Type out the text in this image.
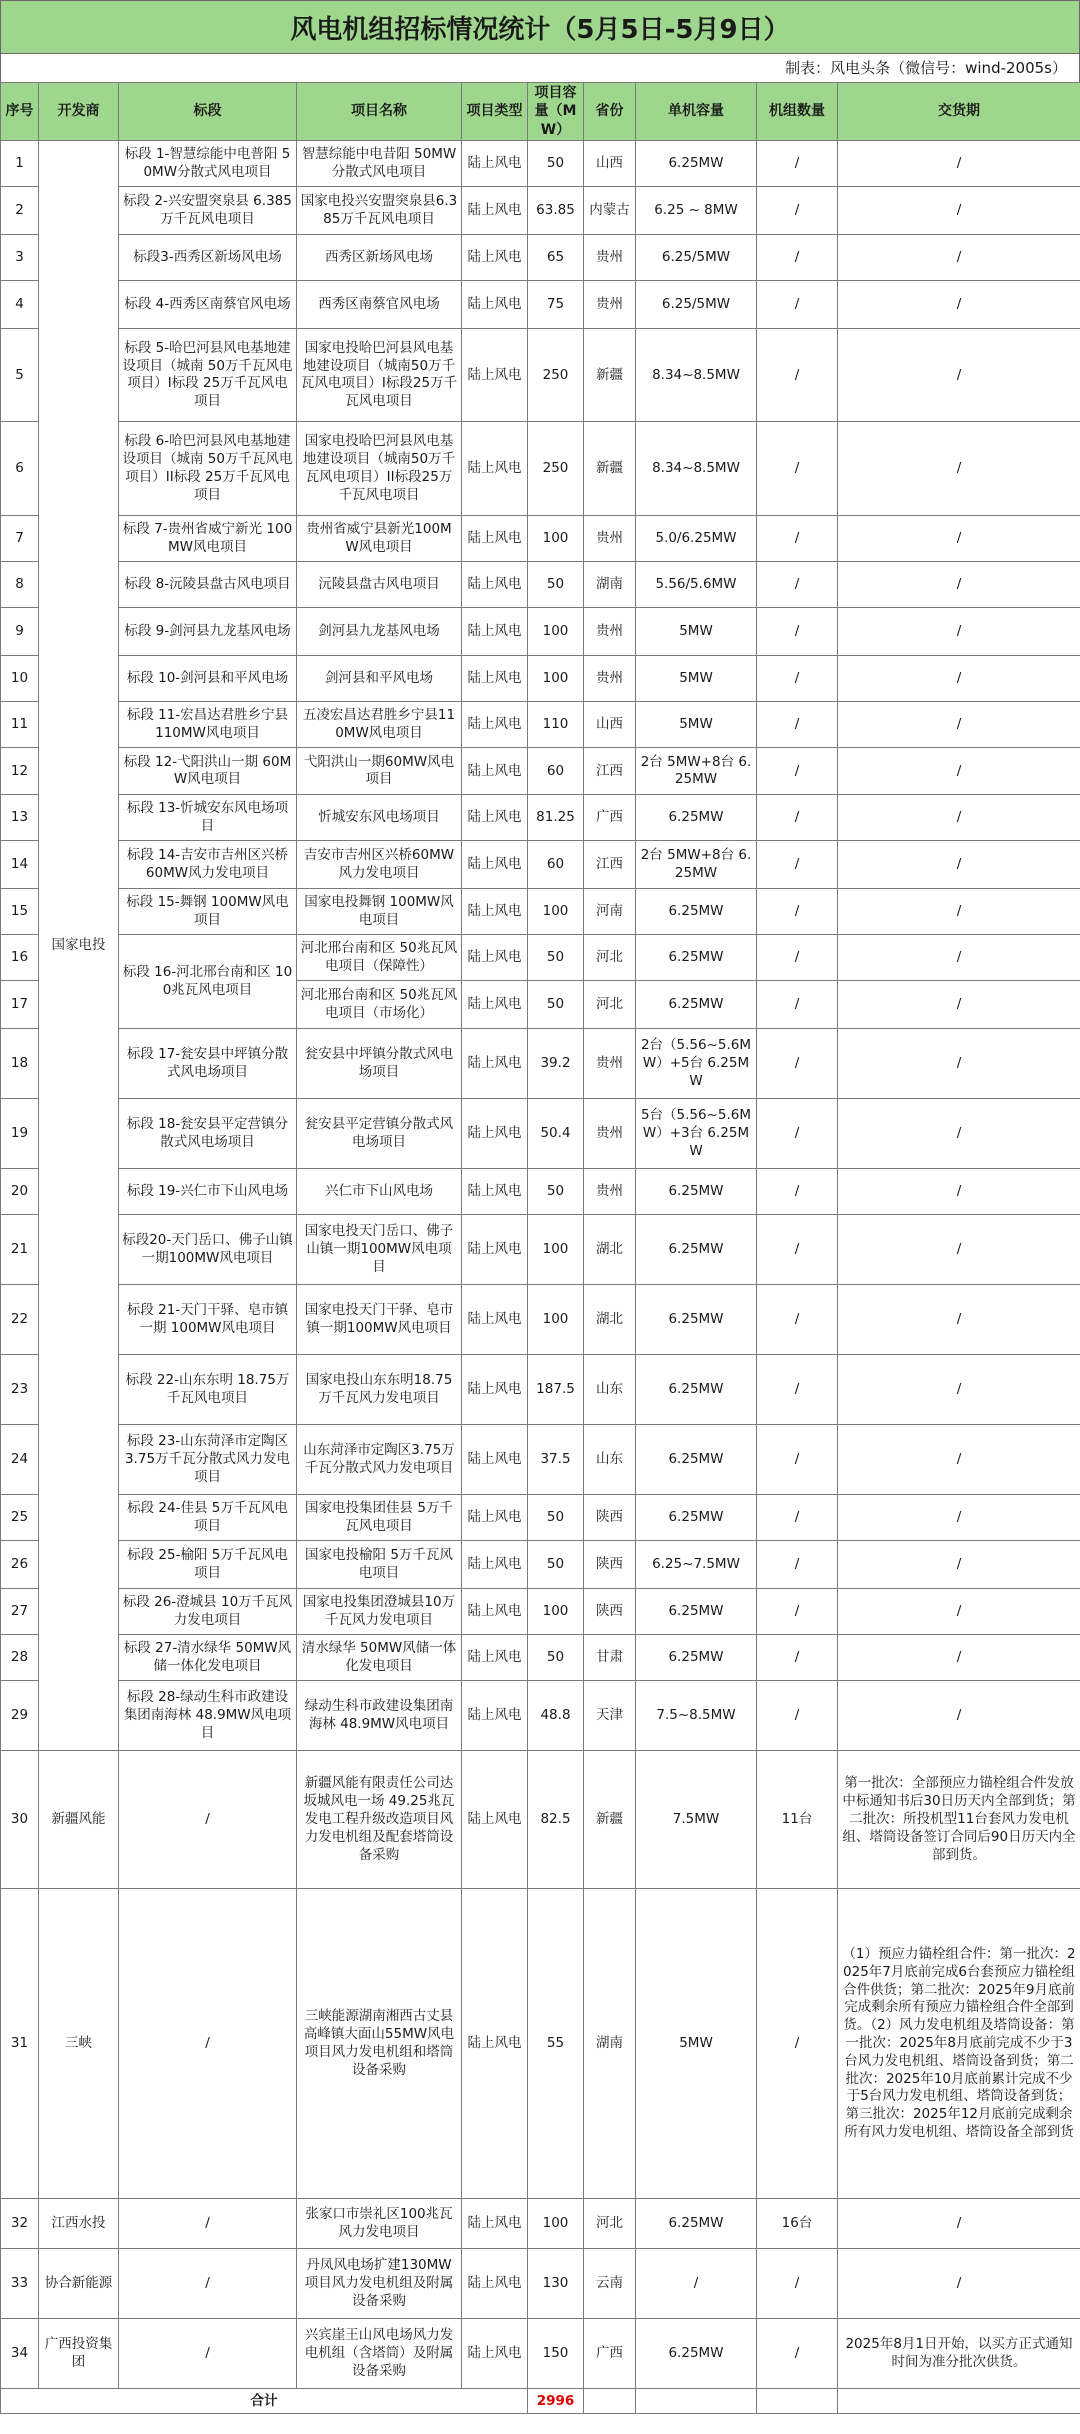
风电机组招标情况统计（5月5日-5月9日）
制表：风电头条（微信号：wind-2005s）
序号	开发商	标段	项目名称	项目类型	项目容量（MW）	省份	单机容量	机组数量	交货期
1	国家电投	标段 1-智慧综能中电普阳 50MW分散式风电项目	智慧综能中电昔阳 50MW分散式风电项目	陆上风电	50	山西	6.25MW	/	/
2		标段 2-兴安盟突泉县 6.385万千瓦风电项目	国家电投兴安盟突泉县6.385万千瓦风电项目	陆上风电	63.85	内蒙古	6.25 ~ 8MW	/	/
3		标段3-西秀区新场风电场	西秀区新场风电场	陆上风电	65	贵州	6.25/5MW	/	/
4		标段 4-西秀区南蔡官风电场	西秀区南蔡官风电场	陆上风电	75	贵州	6.25/5MW	/	/
5		标段 5-哈巴河县风电基地建设项目（城南 50万千瓦风电项目）I标段 25万千瓦风电项目	国家电投哈巴河县风电基地建设项目（城南50万千瓦风电项目）I标段25万千瓦风电项目	陆上风电	250	新疆	8.34~8.5MW	/	/
6		标段 6-哈巴河县风电基地建设项目（城南 50万千瓦风电项目）II标段 25万千瓦风电项目	国家电投哈巴河县风电基地建设项目（城南50万千瓦风电项目）II标段25万千瓦风电项目	陆上风电	250	新疆	8.34~8.5MW	/	/
7		标段 7-贵州省威宁新光 100MW风电项目	贵州省威宁县新光100MW风电项目	陆上风电	100	贵州	5.0/6.25MW	/	/
8		标段 8-沅陵县盘古风电项目	沅陵县盘古风电项目	陆上风电	50	湖南	5.56/5.6MW	/	/
9		标段 9-剑河县九龙基风电场	剑河县九龙基风电场	陆上风电	100	贵州	5MW	/	/
10		标段 10-剑河县和平风电场	剑河县和平风电场	陆上风电	100	贵州	5MW	/	/
11		标段 11-宏昌达君胜乡宁县 110MW风电项目	五凌宏昌达君胜乡宁县110MW风电项目	陆上风电	110	山西	5MW	/	/
12		标段 12-弋阳洪山一期 60MW风电项目	弋阳洪山一期60MW风电项目	陆上风电	60	江西	2台 5MW+8台 6.25MW	/	/
13		标段 13-忻城安东风电场项目	忻城安东风电场项目	陆上风电	81.25	广西	6.25MW	/	/
14		标段 14-吉安市吉州区兴桥 60MW风力发电项目	吉安市吉州区兴桥60MW风力发电项目	陆上风电	60	江西	2台 5MW+8台 6.25MW	/	/
15		标段 15-舞钢 100MW风电项目	国家电投舞钢 100MW风电项目	陆上风电	100	河南	6.25MW	/	/
16		标段 16-河北邢台南和区 100兆瓦风电项目	河北邢台南和区 50兆瓦风电项目（保障性）	陆上风电	50	河北	6.25MW	/	/
17			河北邢台南和区 50兆瓦风电项目（市场化）	陆上风电	50	河北	6.25MW	/	/
18		标段 17-瓮安县中坪镇分散式风电场项目	瓮安县中坪镇分散式风电场项目	陆上风电	39.2	贵州	2台（5.56~5.6MW）+5台 6.25MW	/	/
19		标段 18-瓮安县平定营镇分散式风电场项目	瓮安县平定营镇分散式风电场项目	陆上风电	50.4	贵州	5台（5.56~5.6MW）+3台 6.25MW	/	/
20		标段 19-兴仁市下山风电场	兴仁市下山风电场	陆上风电	50	贵州	6.25MW	/	/
21		标段20-天门岳口、佛子山镇一期100MW风电项目	国家电投天门岳口、佛子山镇一期100MW风电项目	陆上风电	100	湖北	6.25MW	/	/
22		标段 21-天门干驿、皂市镇一期 100MW风电项目	国家电投天门干驿、皂市镇一期100MW风电项目	陆上风电	100	湖北	6.25MW	/	/
23		标段 22-山东东明 18.75万千瓦风电项目	国家电投山东东明18.75万千瓦风力发电项目	陆上风电	187.5	山东	6.25MW	/	/
24		标段 23-山东菏泽市定陶区 3.75万千瓦分散式风力发电项目	山东菏泽市定陶区3.75万千瓦分散式风力发电项目	陆上风电	37.5	山东	6.25MW	/	/
25		标段 24-佳县 5万千瓦风电项目	国家电投集团佳县 5万千瓦风电项目	陆上风电	50	陕西	6.25MW	/	/
26		标段 25-榆阳 5万千瓦风电项目	国家电投榆阳 5万千瓦风电项目	陆上风电	50	陕西	6.25~7.5MW	/	/
27		标段 26-澄城县 10万千瓦风力发电项目	国家电投集团澄城县10万千瓦风力发电项目	陆上风电	100	陕西	6.25MW	/	/
28		标段 27-清水绿华 50MW风储一体化发电项目	清水绿华 50MW风储一体化发电项目	陆上风电	50	甘肃	6.25MW	/	/
29		标段 28-绿动生科市政建设集团南海林 48.9MW风电项目	绿动生科市政建设集团南海林 48.9MW风电项目	陆上风电	48.8	天津	7.5~8.5MW	/	/
30	新疆风能	/	新疆风能有限责任公司达坂城风电一场 49.25兆瓦发电工程升级改造项目风力发电机组及配套塔筒设备采购	陆上风电	82.5	新疆	7.5MW	11台	第一批次：全部预应力锚栓组合件发放中标通知书后30日历天内全部到货；第二批次：所投机型11台套风力发电机组、塔筒设备签订合同后90日历天内全部到货。
31	三峡	/	三峡能源湖南湘西古丈县高峰镇大面山55MW风电项目风力发电机组和塔筒设备采购	陆上风电	55	湖南	5MW	/	（1）预应力锚栓组合件：第一批次：2025年7月底前完成6台套预应力锚栓组合件供货；第二批次：2025年9月底前完成剩余所有预应力锚栓组合件全部到货。（2）风力发电机组及塔筒设备：第一批次：2025年8月底前完成不少于3台风力发电机组、塔筒设备到货；第二批次：2025年10月底前累计完成不少于5台风力发电机组、塔筒设备到货；第三批次：2025年12月底前完成剩余所有风力发电机组、塔筒设备全部到货
32	江西水投	/	张家口市崇礼区100兆瓦风力发电项目	陆上风电	100	河北	6.25MW	16台	/
33	协合新能源	/	丹凤风电场扩建130MW项目风力发电机组及附属设备采购	陆上风电	130	云南	/	/	/
34	广西投资集团	/	兴宾崖王山风电场风力发电机组（含塔筒）及附属设备采购	陆上风电	150	广西	6.25MW	/	2025年8月1日开始，以买方正式通知时间为准分批次供货。
合计					2996				
